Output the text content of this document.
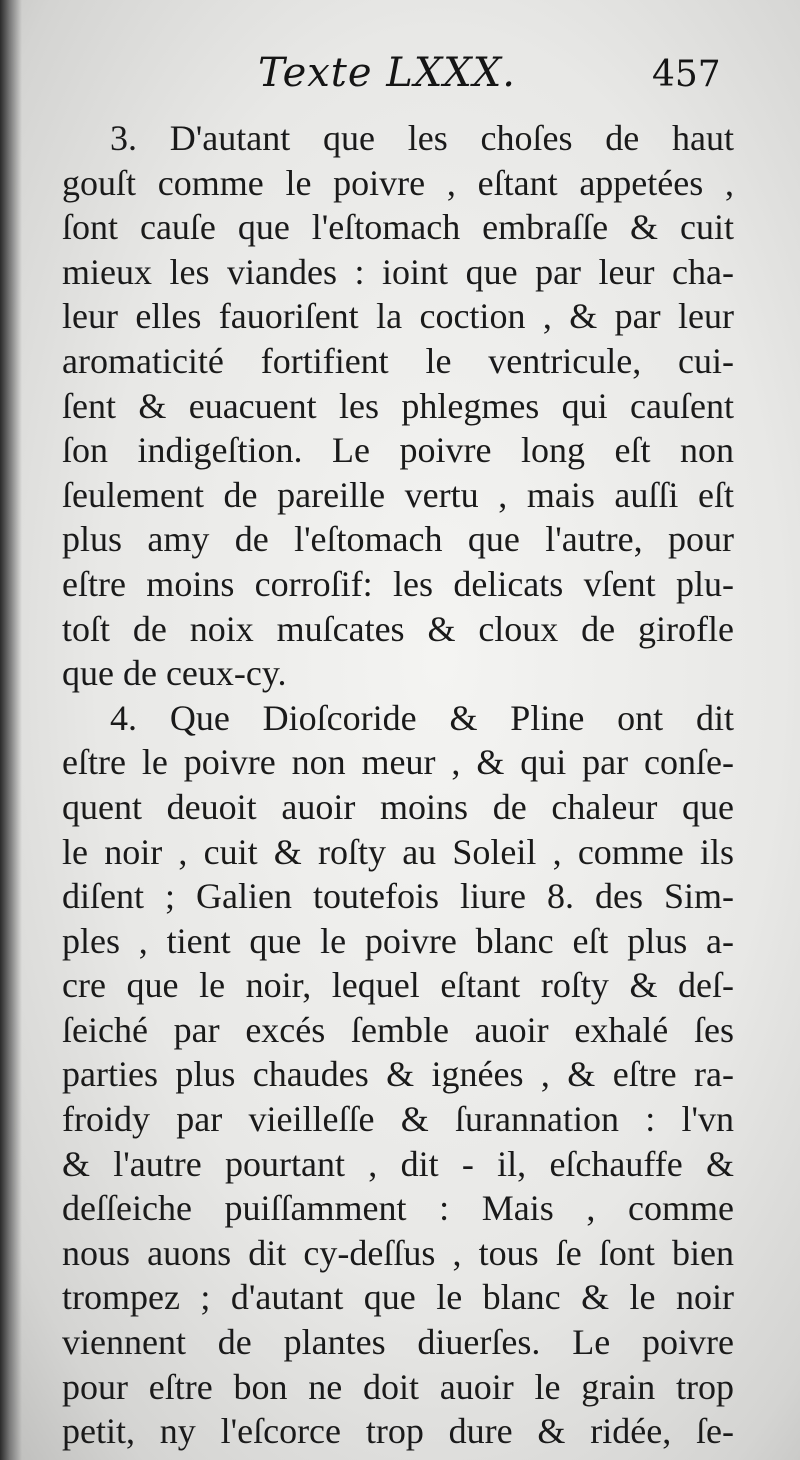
Texte LXXX.	457
3. D'autant que les choſes de haut
gouſt comme le poivre , eſtant appetées ,
ſont cauſe que l'eſtomach embraſſe & cuit
mieux les viandes : ioint que par leur cha-
leur elles fauoriſent la coction , & par leur
aromaticité fortifient le ventricule, cui-
ſent & euacuent les phlegmes qui cauſent
ſon indigeſtion. Le poivre long eſt non
ſeulement de pareille vertu , mais auſſi eſt
plus amy de l'eſtomach que l'autre, pour
eſtre moins corroſif: les delicats vſent plu-
toſt de noix muſcates & cloux de girofle
que de ceux-cy.
4. Que Dioſcoride & Pline ont dit
eſtre le poivre non meur , & qui par conſe-
quent deuoit auoir moins de chaleur que
le noir , cuit & roſty au Soleil , comme ils
diſent ; Galien toutefois liure 8. des Sim-
ples , tient que le poivre blanc eſt plus a-
cre que le noir, lequel eſtant roſty & deſ-
ſeiché par excés ſemble auoir exhalé ſes
parties plus chaudes & ignées , & eſtre ra-
froidy par vieilleſſe & ſurannation : l'vn
& l'autre pourtant , dit - il, eſchauffe &
deſſeiche puiſſamment : Mais , comme
nous auons dit cy-deſſus , tous ſe ſont bien
trompez ; d'autant que le blanc & le noir
viennent de plantes diuerſes. Le poivre
pour eſtre bon ne doit auoir le grain trop
petit, ny l'eſcorce trop dure & ridée, ſe-
